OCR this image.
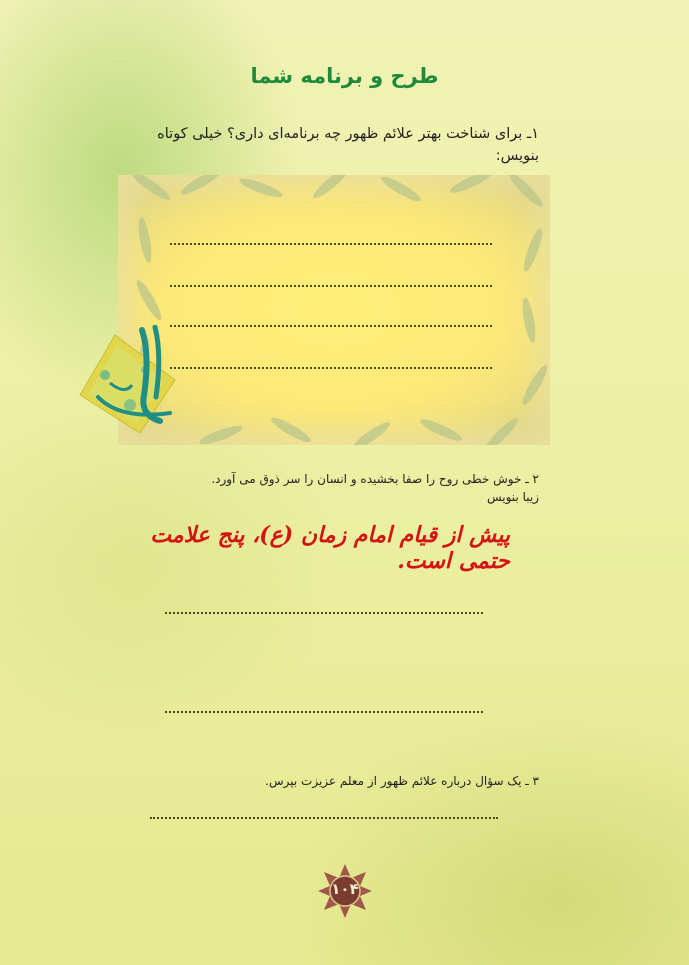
طرح و برنامه شما
۱ـ برای شناخت بهتر علائم ظهور چه برنامه‌ای داری؟ خیلی کوتاه بنویس:
۲ ـ خوش خطی روح را صفا بخشیده و انسان را سر ذوق می آورد.
زیبا بنویس
پیش از قیام امام زمان (ع)، پنج علامت حتمی است.
۳ ـ یک سؤال درباره علائم ظهور از معلم عزیزت بپرس.
۱۰۴
